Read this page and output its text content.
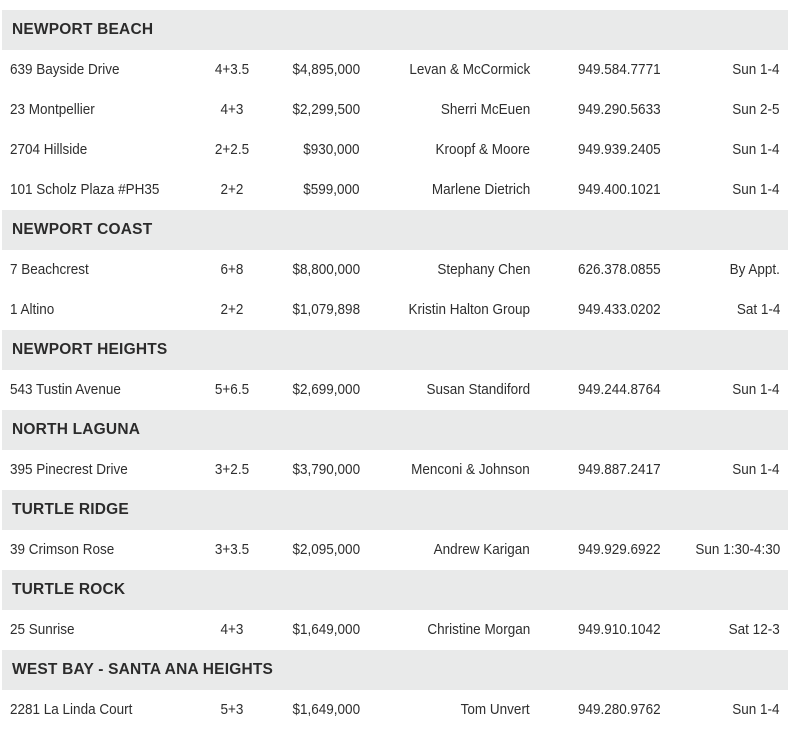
NEWPORT BEACH
639 Bayside Drive	4+3.5	$4,895,000	Levan & McCormick	949.584.7771	Sun 1-4
23 Montpellier	4+3	$2,299,500	Sherri McEuen	949.290.5633	Sun 2-5
2704 Hillside	2+2.5	$930,000	Kroopf & Moore	949.939.2405	Sun 1-4
101 Scholz Plaza #PH35	2+2	$599,000	Marlene Dietrich	949.400.1021	Sun 1-4
NEWPORT COAST
7 Beachcrest	6+8	$8,800,000	Stephany Chen	626.378.0855	By Appt.
1 Altino	2+2	$1,079,898	Kristin Halton Group	949.433.0202	Sat 1-4
NEWPORT HEIGHTS
543 Tustin Avenue	5+6.5	$2,699,000	Susan Standiford	949.244.8764	Sun 1-4
NORTH LAGUNA
395 Pinecrest Drive	3+2.5	$3,790,000	Menconi & Johnson	949.887.2417	Sun 1-4
TURTLE RIDGE
39 Crimson Rose	3+3.5	$2,095,000	Andrew Karigan	949.929.6922 Sun 1:30-4:30
TURTLE ROCK
25 Sunrise	4+3	$1,649,000	Christine Morgan	949.910.1042	Sat 12-3
WEST BAY - SANTA ANA HEIGHTS
2281 La Linda Court	5+3	$1,649,000	Tom Unvert	949.280.9762	Sun 1-4
